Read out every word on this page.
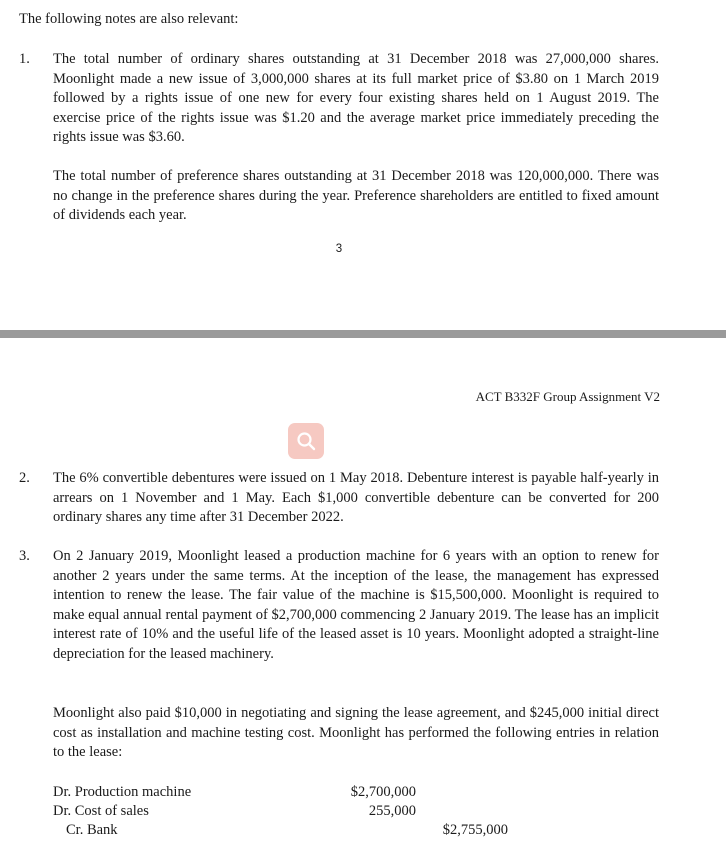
The following notes are also relevant:
1. The total number of ordinary shares outstanding at 31 December 2018 was 27,000,000 shares. Moonlight made a new issue of 3,000,000 shares at its full market price of $3.80 on 1 March 2019 followed by a rights issue of one new for every four existing shares held on 1 August 2019. The exercise price of the rights issue was $1.20 and the average market price immediately preceding the rights issue was $3.60.
The total number of preference shares outstanding at 31 December 2018 was 120,000,000. There was no change in the preference shares during the year. Preference shareholders are entitled to fixed amount of dividends each year.
3
ACT B332F Group Assignment V2
2. The 6% convertible debentures were issued on 1 May 2018. Debenture interest is payable half-yearly in arrears on 1 November and 1 May. Each $1,000 convertible debenture can be converted for 200 ordinary shares any time after 31 December 2022.
3. On 2 January 2019, Moonlight leased a production machine for 6 years with an option to renew for another 2 years under the same terms. At the inception of the lease, the management has expressed intention to renew the lease. The fair value of the machine is $15,500,000. Moonlight is required to make equal annual rental payment of $2,700,000 commencing 2 January 2019. The lease has an implicit interest rate of 10% and the useful life of the leased asset is 10 years. Moonlight adopted a straight-line depreciation for the leased machinery.
Moonlight also paid $10,000 in negotiating and signing the lease agreement, and $245,000 initial direct cost as installation and machine testing cost. Moonlight has performed the following entries in relation to the lease:
Dr. Production machine	$2,700,000
Dr. Cost of sales	255,000
Cr. Bank	$2,755,000
